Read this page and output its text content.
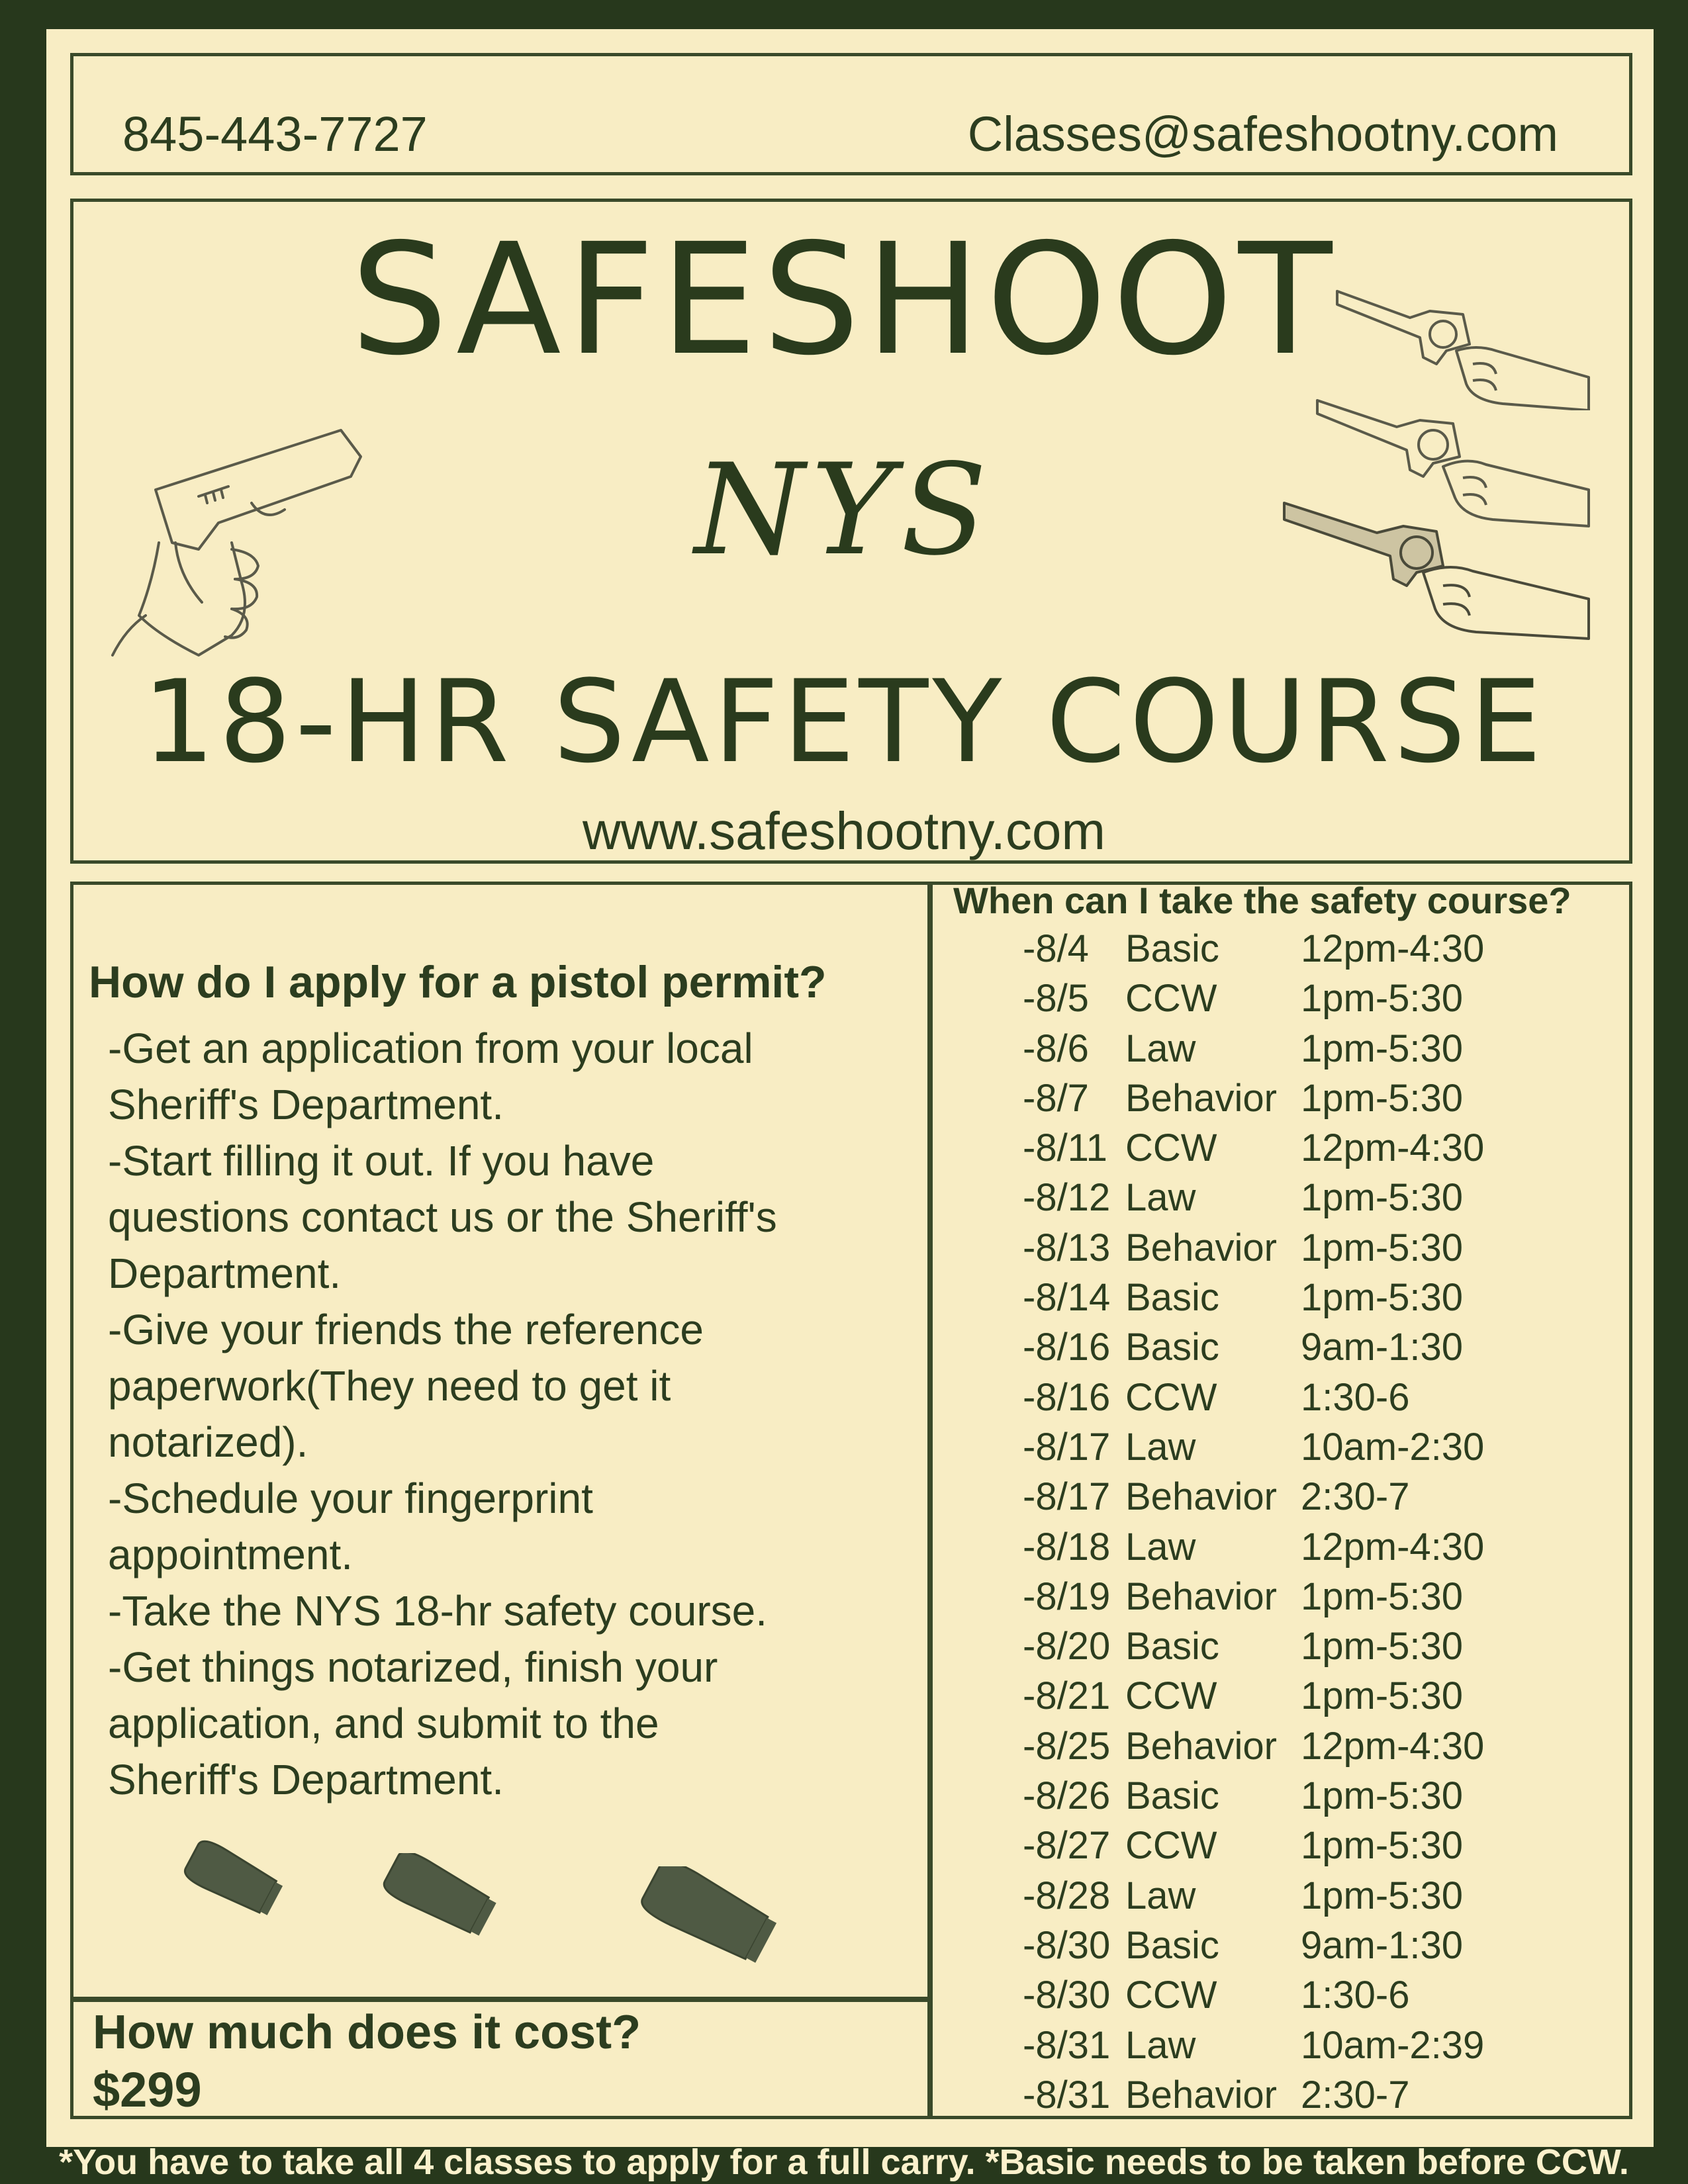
845-443-7727	Classes@safeshootny.com
SAFESHOOT
NYS
18-HR SAFETY COURSE
www.safeshootny.com
How do I apply for a pistol permit?
-Get an application from your local
Sheriff's Department.
-Start filling it out. If you have
questions contact us or the Sheriff's
Department.
-Give your friends the reference
paperwork(They need to get it
notarized).
-Schedule your fingerprint
appointment.
-Take the NYS 18-hr safety course.
-Get things notarized, finish your
application, and submit to the
Sheriff's Department.
How much does it cost?
$299
When can I take the safety course?
-8/4 Basic 12pm-4:30
-8/5 CCW 1pm-5:30
-8/6 Law	1pm-5:30
-8/7 Behavior 1pm-5:30
-8/11 CCW 12pm-4:30
-8/12 Law	1pm-5:30
-8/13 Behavior 1pm-5:30
-8/14 Basic 1pm-5:30
-8/16 Basic 9am-1:30
-8/16 CCW 1:30-6
-8/17 Law	10am-2:30
-8/17 Behavior 2:30-7
-8/18 Law	12pm-4:30
-8/19 Behavior 1pm-5:30
-8/20 Basic 1pm-5:30
-8/21 CCW 1pm-5:30
-8/25 Behavior 12pm-4:30
-8/26 Basic 1pm-5:30
-8/27 CCW 1pm-5:30
-8/28 Law	1pm-5:30
-8/30 Basic 9am-1:30
-8/30 CCW 1:30-6
-8/31 Law	10am-2:39
-8/31 Behavior 2:30-7
*You have to take all 4 classes to apply for a full carry. *Basic needs to be taken before CCW.
